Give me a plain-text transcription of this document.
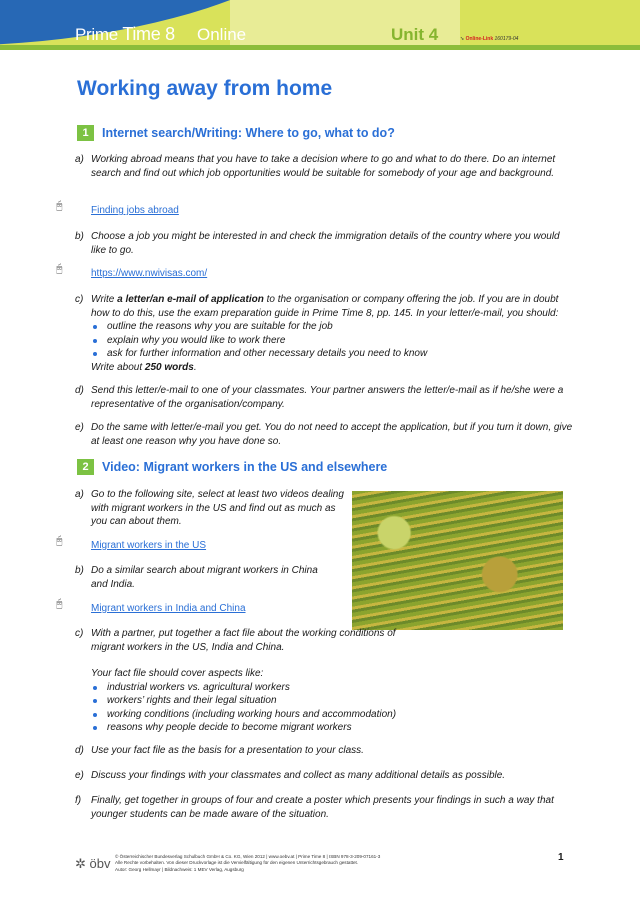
Prime Time 8 Online	Unit 4	➘ Online-Link 160179-04
Working away from home
1	Internet search/Writing: Where to go, what to do?
a) Working abroad means that you have to take a decision where to go and what to do there. Do an internet search and find out which job opportunities would be suitable for somebody of your age and background.
🖰	Finding jobs abroad
b) Choose a job you might be interested in and check the immigration details of the country where you would like to go.
🖰	https://www.nwivisas.com/
c) Write a letter/an e-mail of application to the organisation or company offering the job. If you are in doubt how to do this, use the exam preparation guide in Prime Time 8, pp. 145. In your letter/e-mail, you should:
outline the reasons why you are suitable for the job
explain why you would like to work there
ask for further information and other necessary details you need to know
Write about 250 words.
d) Send this letter/e-mail to one of your classmates. Your partner answers the letter/e-mail as if he/she were a representative of the organisation/company.
e) Do the same with letter/e-mail you get. You do not need to accept the application, but if you turn it down, give at least one reason why you have done so.
2	Video: Migrant workers in the US and elsewhere
a) Go to the following site, select at least two videos dealing with migrant workers in the US and find out as much as you can about them.
🖰	Migrant workers in the US
b) Do a similar search about migrant workers in China and India.
🖰	Migrant workers in India and China
c) With a partner, put together a fact file about the working conditions of migrant workers in the US, India and China.
Your fact file should cover aspects like:
industrial workers vs. agricultural workers
workers’ rights and their legal situation
working conditions (including working hours and accommodation)
reasons why people decide to become migrant workers
d) Use your fact file as the basis for a presentation to your class.
e) Discuss your findings with your classmates and collect as many additional details as possible.
f) Finally, get together in groups of four and create a poster which presents your findings in such a way that younger students can be made aware of the situation.
✲ öbv © Österreichischer Bundesverlag Schulbuch GmbH & Co. KG, Wien 2012 | www.oebv.at | Prime Time 8 | ISBN 978-3-209-07161-3
Alle Rechte vorbehalten. Von dieser Druckvorlage ist die Vervielfältigung für den eigenen Unterrichtsgebrauch gestattet.
Autor: Georg Hellmayr | Bildnachweis: 1 MEV Verlag, Augsburg
1
